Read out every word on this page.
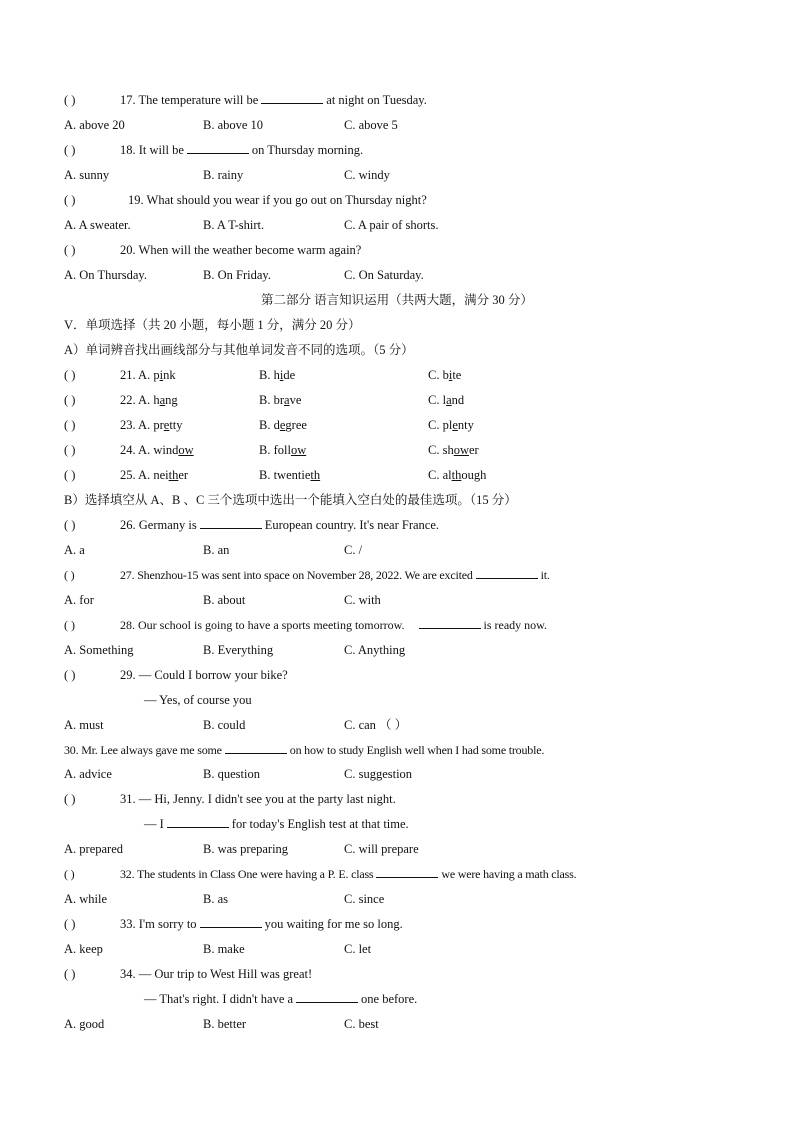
( )	17. The temperature will be	at night on Tuesday.
A. above 20	B. above 10	C. above 5
( )	18. It will be	on Thursday morning.
A. sunny	B. rainy	C. windy
( )	19. What should you wear if you go out on Thursday night?
A. A sweater.	B. A T-shirt.	C. A pair of shorts.
( )	20. When will the weather become warm again?
A. On Thursday.	B. On Friday.	C. On Saturday.
第二部分 语言知识运用（共两大题，满分 30 分）
V．单项选择（共 20 小题，每小题 1 分，满分 20 分）
A）单词辨音找出画线部分与其他单词发音不同的选项。（5 分）
( )	21. A. pink	B. hide	C. bite
( )	22. A. hang	B. brave	C. land
( )	23. A. pretty	B. degree	C. plenty
( )	24. A. window	B. follow	C. shower
( )	25. A. neither	B. twentieth	C. although
B）选择填空从 A、B 、C 三个选项中选出一个能填入空白处的最佳选项。（15 分）
( )	26. Germany is	European country. It's near France.
A. a	B. an	C. /
( )	27. Shenzhou-15 was sent into space on November 28, 2022. We are excited	it.
A. for	B. about	C. with
( )	28. Our school is going to have a sports meeting tomorrow.	is ready now.
A. Something	B. Everything	C. Anything
( )	29. — Could I borrow your bike?
— Yes, of course you
A. must	B. could	C. can （ ）
30. Mr. Lee always gave me some	on how to study English well when I had some trouble.
A. advice	B. question	C. suggestion
( )	31. — Hi, Jenny. I didn't see you at the party last night.
— I	for today's English test at that time.
A. prepared	B. was preparing	C. will prepare
( )	32. The students in Class One were having a P. E. class	we were having a math class.
A. while	B. as	C. since
( )	33. I'm sorry to	you waiting for me so long.
A. keep	B. make	C. let
( )	34. — Our trip to West Hill was great!
— That's right. I didn't have a	one before.
A. good	B. better	C. best
